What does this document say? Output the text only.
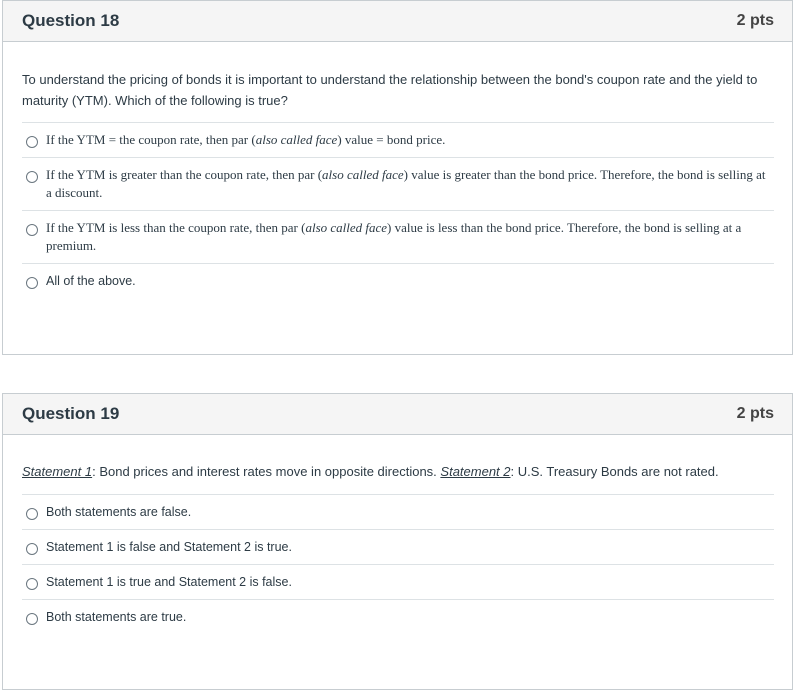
Question 18	2 pts

To understand the pricing of bonds it is important to understand the relationship between the bond's coupon rate and the yield to maturity (YTM). Which of the following is true?

If the YTM = the coupon rate, then par (also called face) value = bond price.
If the YTM is greater than the coupon rate, then par (also called face) value is greater than the bond price. Therefore, the bond is selling at a discount.
If the YTM is less than the coupon rate, then par (also called face) value is less than the bond price. Therefore, the bond is selling at a premium.
All of the above.
Question 19	2 pts

Statement 1: Bond prices and interest rates move in opposite directions. Statement 2: U.S. Treasury Bonds are not rated.

Both statements are false.
Statement 1 is false and Statement 2 is true.
Statement 1 is true and Statement 2 is false.
Both statements are true.
